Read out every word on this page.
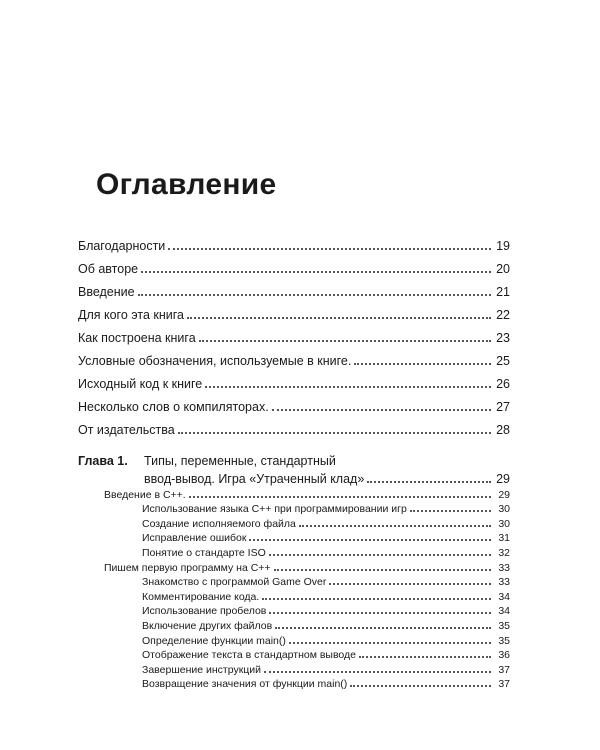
Оглавление
Благодарности	19
Об авторе	20
Введение	21
Для кого эта книга	22
Как построена книга	23
Условные обозначения, используемые в книге.	25
Исходный код к книге	26
Несколько слов о компиляторах.	27
От издательства	28
Глава 1.	Типы, переменные, стандартный
ввод-вывод. Игра «Утраченный клад»	29
Введение в C++.	29
Использование языка C++ при программировании игр	30
Создание исполняемого файла	30
Исправление ошибок	31
Понятие о стандарте ISO	32
Пишем первую программу на C++	33
Знакомство с программой Game Over	33
Комментирование кода.	34
Использование пробелов	34
Включение других файлов	35
Определение функции main()	35
Отображение текста в стандартном выводе	36
Завершение инструкций	37
Возвращение значения от функции main()	37
